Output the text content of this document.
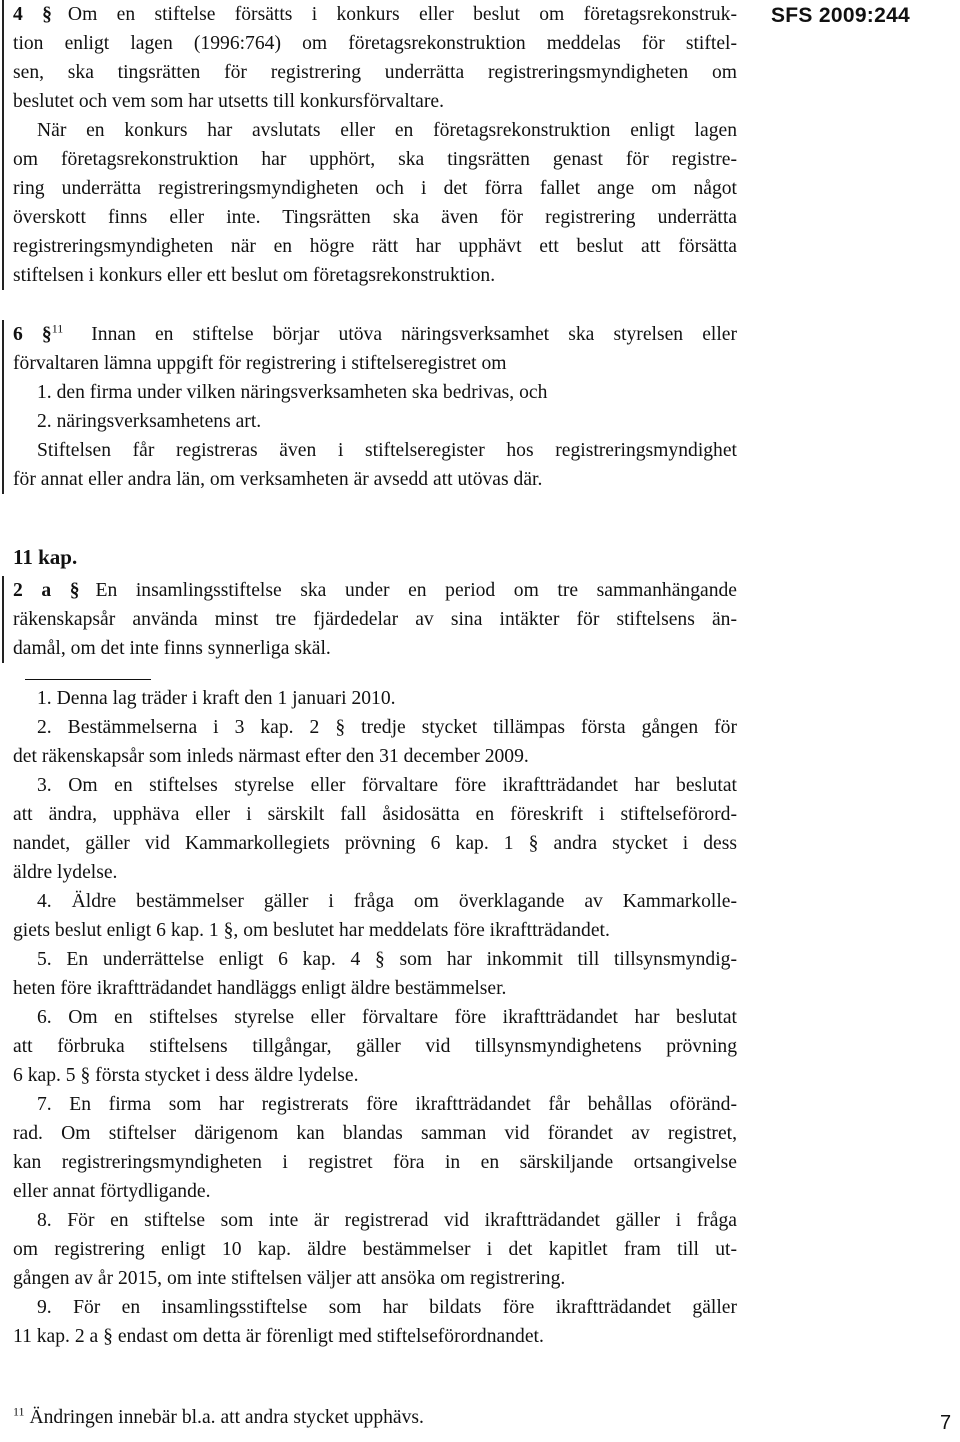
SFS 2009:244
4 § Om en stiftelse försätts i konkurs eller beslut om företagsrekonstruk-
tion enligt lagen (1996:764) om företagsrekonstruktion meddelas för stiftel-
sen, ska tingsrätten för registrering underrätta registreringsmyndigheten om
beslutet och vem som har utsetts till konkursförvaltare.
När en konkurs har avslutats eller en företagsrekonstruktion enligt lagen
om företagsrekonstruktion har upphört, ska tingsrätten genast för registre-
ring underrätta registreringsmyndigheten och i det förra fallet ange om något
överskott finns eller inte. Tingsrätten ska även för registrering underrätta
registreringsmyndigheten när en högre rätt har upphävt ett beslut att försätta
stiftelsen i konkurs eller ett beslut om företagsrekonstruktion.
6 §$^{11}$ Innan en stiftelse börjar utöva näringsverksamhet ska styrelsen eller
förvaltaren lämna uppgift för registrering i stiftelseregistret om
1. den firma under vilken näringsverksamheten ska bedrivas, och
2. näringsverksamhetens art.
Stiftelsen får registreras även i stiftelseregister hos registreringsmyndighet
för annat eller andra län, om verksamheten är avsedd att utövas där.
11 kap.
2 a § En insamlingsstiftelse ska under en period om tre sammanhängande
räkenskapsår använda minst tre fjärdedelar av sina intäkter för stiftelsens än-
damål, om det inte finns synnerliga skäl.
1. Denna lag träder i kraft den 1 januari 2010.
2. Bestämmelserna i 3 kap. 2 § tredje stycket tillämpas första gången för
det räkenskapsår som inleds närmast efter den 31 december 2009.
3. Om en stiftelses styrelse eller förvaltare före ikraftträdandet har beslutat
att ändra, upphäva eller i särskilt fall åsidosätta en föreskrift i stiftelseförord-
nandet, gäller vid Kammarkollegiets prövning 6 kap. 1 § andra stycket i dess
äldre lydelse.
4. Äldre bestämmelser gäller i fråga om överklagande av Kammarkolle-
giets beslut enligt 6 kap. 1 §, om beslutet har meddelats före ikraftträdandet.
5. En underrättelse enligt 6 kap. 4 § som har inkommit till tillsynsmyndig-
heten före ikraftträdandet handläggs enligt äldre bestämmelser.
6. Om en stiftelses styrelse eller förvaltare före ikraftträdandet har beslutat
att förbruka stiftelsens tillgångar, gäller vid tillsynsmyndighetens prövning
6 kap. 5 § första stycket i dess äldre lydelse.
7. En firma som har registrerats före ikraftträdandet får behållas oföränd-
rad. Om stiftelser därigenom kan blandas samman vid förandet av registret,
kan registreringsmyndigheten i registret föra in en särskiljande ortsangivelse
eller annat förtydligande.
8. För en stiftelse som inte är registrerad vid ikraftträdandet gäller i fråga
om registrering enligt 10 kap. äldre bestämmelser i det kapitlet fram till ut-
gången av år 2015, om inte stiftelsen väljer att ansöka om registrering.
9. För en insamlingsstiftelse som har bildats före ikraftträdandet gäller
11 kap. 2 a § endast om detta är förenligt med stiftelseförordnandet.
$^{11}$ Ändringen innebär bl.a. att andra stycket upphävs.	7
